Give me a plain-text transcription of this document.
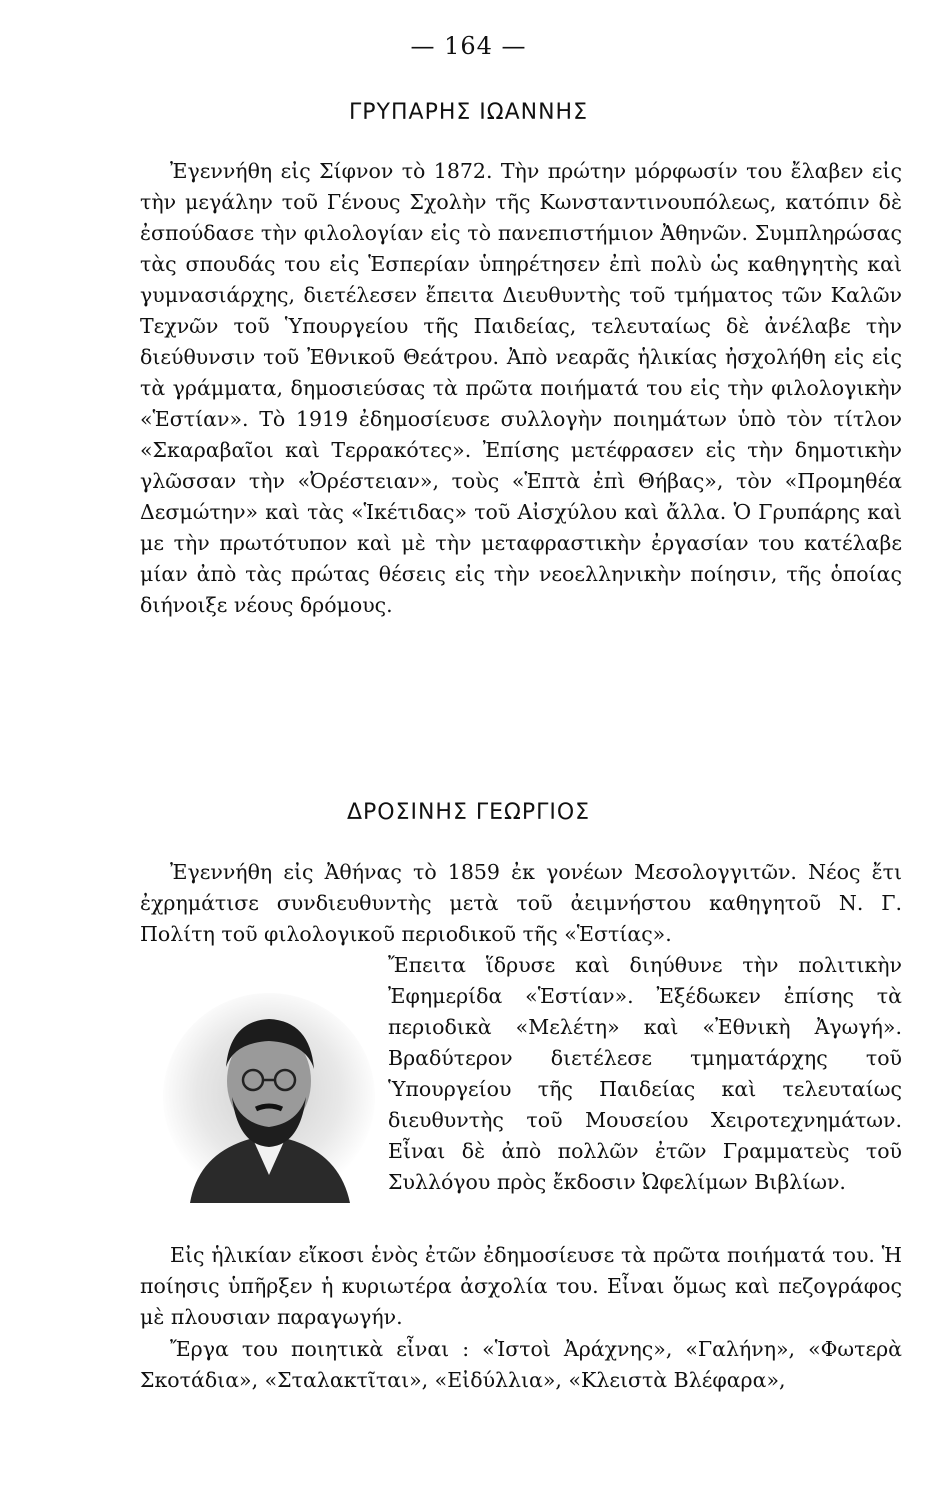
— 164 —
ΓΡΥΠΑΡΗΣ ΙΩΑΝΝΗΣ

Ἐγεννήθη εἰς Σίφνον τὸ 1872. Τὴν πρώτην μόρφωσίν του ἔλαβεν εἰς τὴν μεγάλην τοῦ Γένους Σχολὴν τῆς Κωνσταντινουπόλεως, κατόπιν δὲ ἐσπούδασε τὴν φιλολογίαν εἰς τὸ πανεπιστήμιον Ἀθηνῶν. Συμπληρώσας τὰς σπουδάς του εἰς Ἑσπερίαν ὑπηρέτησεν ἐπὶ πολὺ ὡς καθηγητὴς καὶ γυμνασιάρχης, διετέλεσεν ἔπειτα Διευθυντὴς τοῦ τμήματος τῶν Καλῶν Τεχνῶν τοῦ Ὑπουργείου τῆς Παιδείας, τελευταίως δὲ ἀνέλαβε τὴν διεύθυνσιν τοῦ Ἐθνικοῦ Θεάτρου. Ἀπὸ νεαρᾶς ἡλικίας ἠσχολήθη εἰς εἰς τὰ γράμματα, δημοσιεύσας τὰ πρῶτα ποιήματά του εἰς τὴν φιλολογικὴν «Ἑστίαν». Τὸ 1919 ἐδημοσίευσε συλλογὴν ποιημάτων ὑπὸ τὸν τίτλον «Σκαραβαῖοι καὶ Τερρακότες». Ἐπίσης μετέφρασεν εἰς τὴν δημοτικὴν γλῶσσαν τὴν «Ὀρέστειαν», τοὺς «Ἑπτὰ ἐπὶ Θήβας», τὸν «Προμηθέα Δεσμώτην» καὶ τὰς «Ἱκέτιδας» τοῦ Αἰσχύλου καὶ ἄλλα. Ὁ Γρυπάρης καὶ με τὴν πρωτότυπον καὶ μὲ τὴν μεταφραστικὴν ἐργασίαν του κατέλαβε μίαν ἀπὸ τὰς πρώτας θέσεις εἰς τὴν νεοελληνικὴν ποίησιν, τῆς ὁποίας διήνοιξε νέους δρόμους.

ΔΡΟΣΙΝΗΣ ΓΕΩΡΓΙΟΣ

Ἐγεννήθη εἰς Ἀθήνας τὸ 1859 ἐκ γονέων Μεσολογγιτῶν. Νέος ἔτι ἐχρημάτισε συνδιευθυντὴς μετὰ τοῦ ἀειμνήστου καθηγητοῦ Ν. Γ. Πολίτη τοῦ φιλολογικοῦ περιοδικοῦ τῆς «Ἑστίας».

Ἔπειτα ἵδρυσε καὶ διηύθυνε τὴν πολιτικὴν Ἐφημερίδα «Ἑστίαν». Ἐξέδωκεν ἐπίσης τὰ περιοδικὰ «Μελέτη» καὶ «Ἐθνικὴ Ἀγωγή». Βραδύτερον διετέλεσε τμηματάρχης τοῦ Ὑπουργείου τῆς Παιδείας καὶ τελευταίως διευθυντὴς τοῦ Μουσείου Χειροτεχνημάτων. Εἶναι δὲ ἀπὸ πολλῶν ἐτῶν Γραμματεὺς τοῦ Συλλόγου πρὸς ἔκδοσιν Ὠφελίμων Βιβλίων.

Εἰς ἡλικίαν εἴκοσι ἑνὸς ἐτῶν ἐδημοσίευσε τὰ πρῶτα ποιήματά του. Ἡ ποίησις ὑπῆρξεν ἡ κυριωτέρα ἀσχολία του. Εἶναι ὅμως καὶ πεζογράφος μὲ πλουσιαν παραγωγήν.

Ἔργα του ποιητικὰ εἶναι : «Ἱστοὶ Ἀράχνης», «Γαλήνη», «Φωτερὰ Σκοτάδια», «Σταλακτῖται», «Εἰδύλλια», «Κλειστὰ Βλέφαρα»,
